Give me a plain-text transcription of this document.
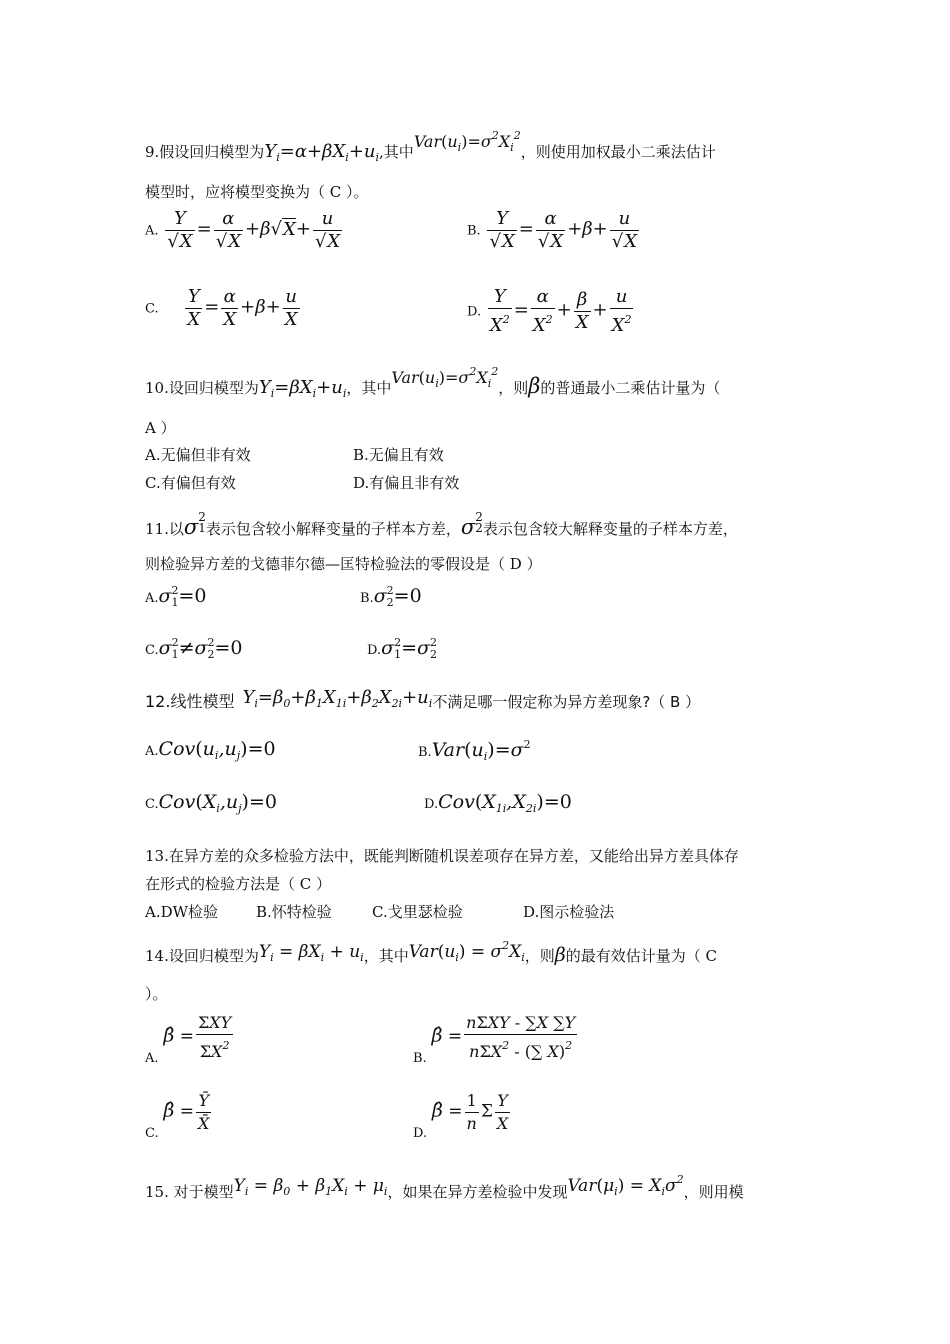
9.假设回归模型为$Y_i=\alpha+\beta X_i+u_i$,其中$Var(u_i)=\sigma^2X_i^2$，则使用加权最小二乘法估计
模型时，应将模型变换为（ C ）。
A. $\frac{Y}{√X} = \frac{\alpha}{√X} +\beta√X+ \frac{u}{√X}$	B. $\frac{Y}{√X} = \frac{\alpha}{√X} +\beta+ \frac{u}{√X}$
C. $\frac{Y}{X} = \frac{\alpha}{X} +\beta+ \frac{u}{X}$	D. $\frac{Y}{X^2} = \frac{\alpha}{X^2} + \frac{\beta}{X} + \frac{u}{X^2}$
10.设回归模型为$Y_i=\beta X_i+u_i$，其中$Var(u_i)=\sigma^2X_i^2$，则β的普通最小二乘估计量为（
A ）
A.无偏但非有效	B.无偏且有效
C.有偏但有效	D.有偏且非有效
11.以σ2
1表示包含较小解释变量的子样本方差，σ2
2表示包含较大解释变量的子样本方差，
则检验异方差的戈德菲尔德—匡特检验法的零假设是（ D ）
$A.\sigma^2_1=0$	$B.\sigma^2_2=0$
$C.\sigma^2_1\ne\sigma^2_2=0$	$D.\sigma^2_1=\sigma^2_2$
12.线性模型 $Y_i=\beta_0+\beta_1X_{1i}+\beta_2X_{2i}+u_i$不满足哪一假定称为异方差现象?（ B ）
$A.Cov(u_i,u_j)=0$	$B.Var(u_i)=\sigma^2$
$C.Cov(X_i,u_j)=0$	$D.Cov(X_{1i},X_{2i})=0$
13.在异方差的众多检验方法中，既能判断随机误差项存在异方差，又能给出异方差具体存
在形式的检验方法是（ C ）
A.DW检验	B.怀特检验	C.戈里瑟检验	D.图示检验法
14.设回归模型为$Y_i = \beta X_i + u_i$，其中$Var(u_i) = \sigma^2X_i$，则β的最有效估计量为（ C
）。
A. β̂ = $\frac{\text{ΣXY}}{\Sigma X^2}$	B. β̂ = $\frac{\text{nΣXY - ∑X ∑Y}}{n\Sigma X^2 - (\sum X)^2}$
C. β̂ = $\frac{Ȳ}{X̄}$	D. β̂ = $\frac{1}{n}$ Σ $\frac{Y}{X}$
15. 对于模型$Y_i = \beta_0 + \beta_1X_i + \mu_i$，如果在异方差检验中发现$Var(\mu_i) = X_i\sigma^2$，则用模
